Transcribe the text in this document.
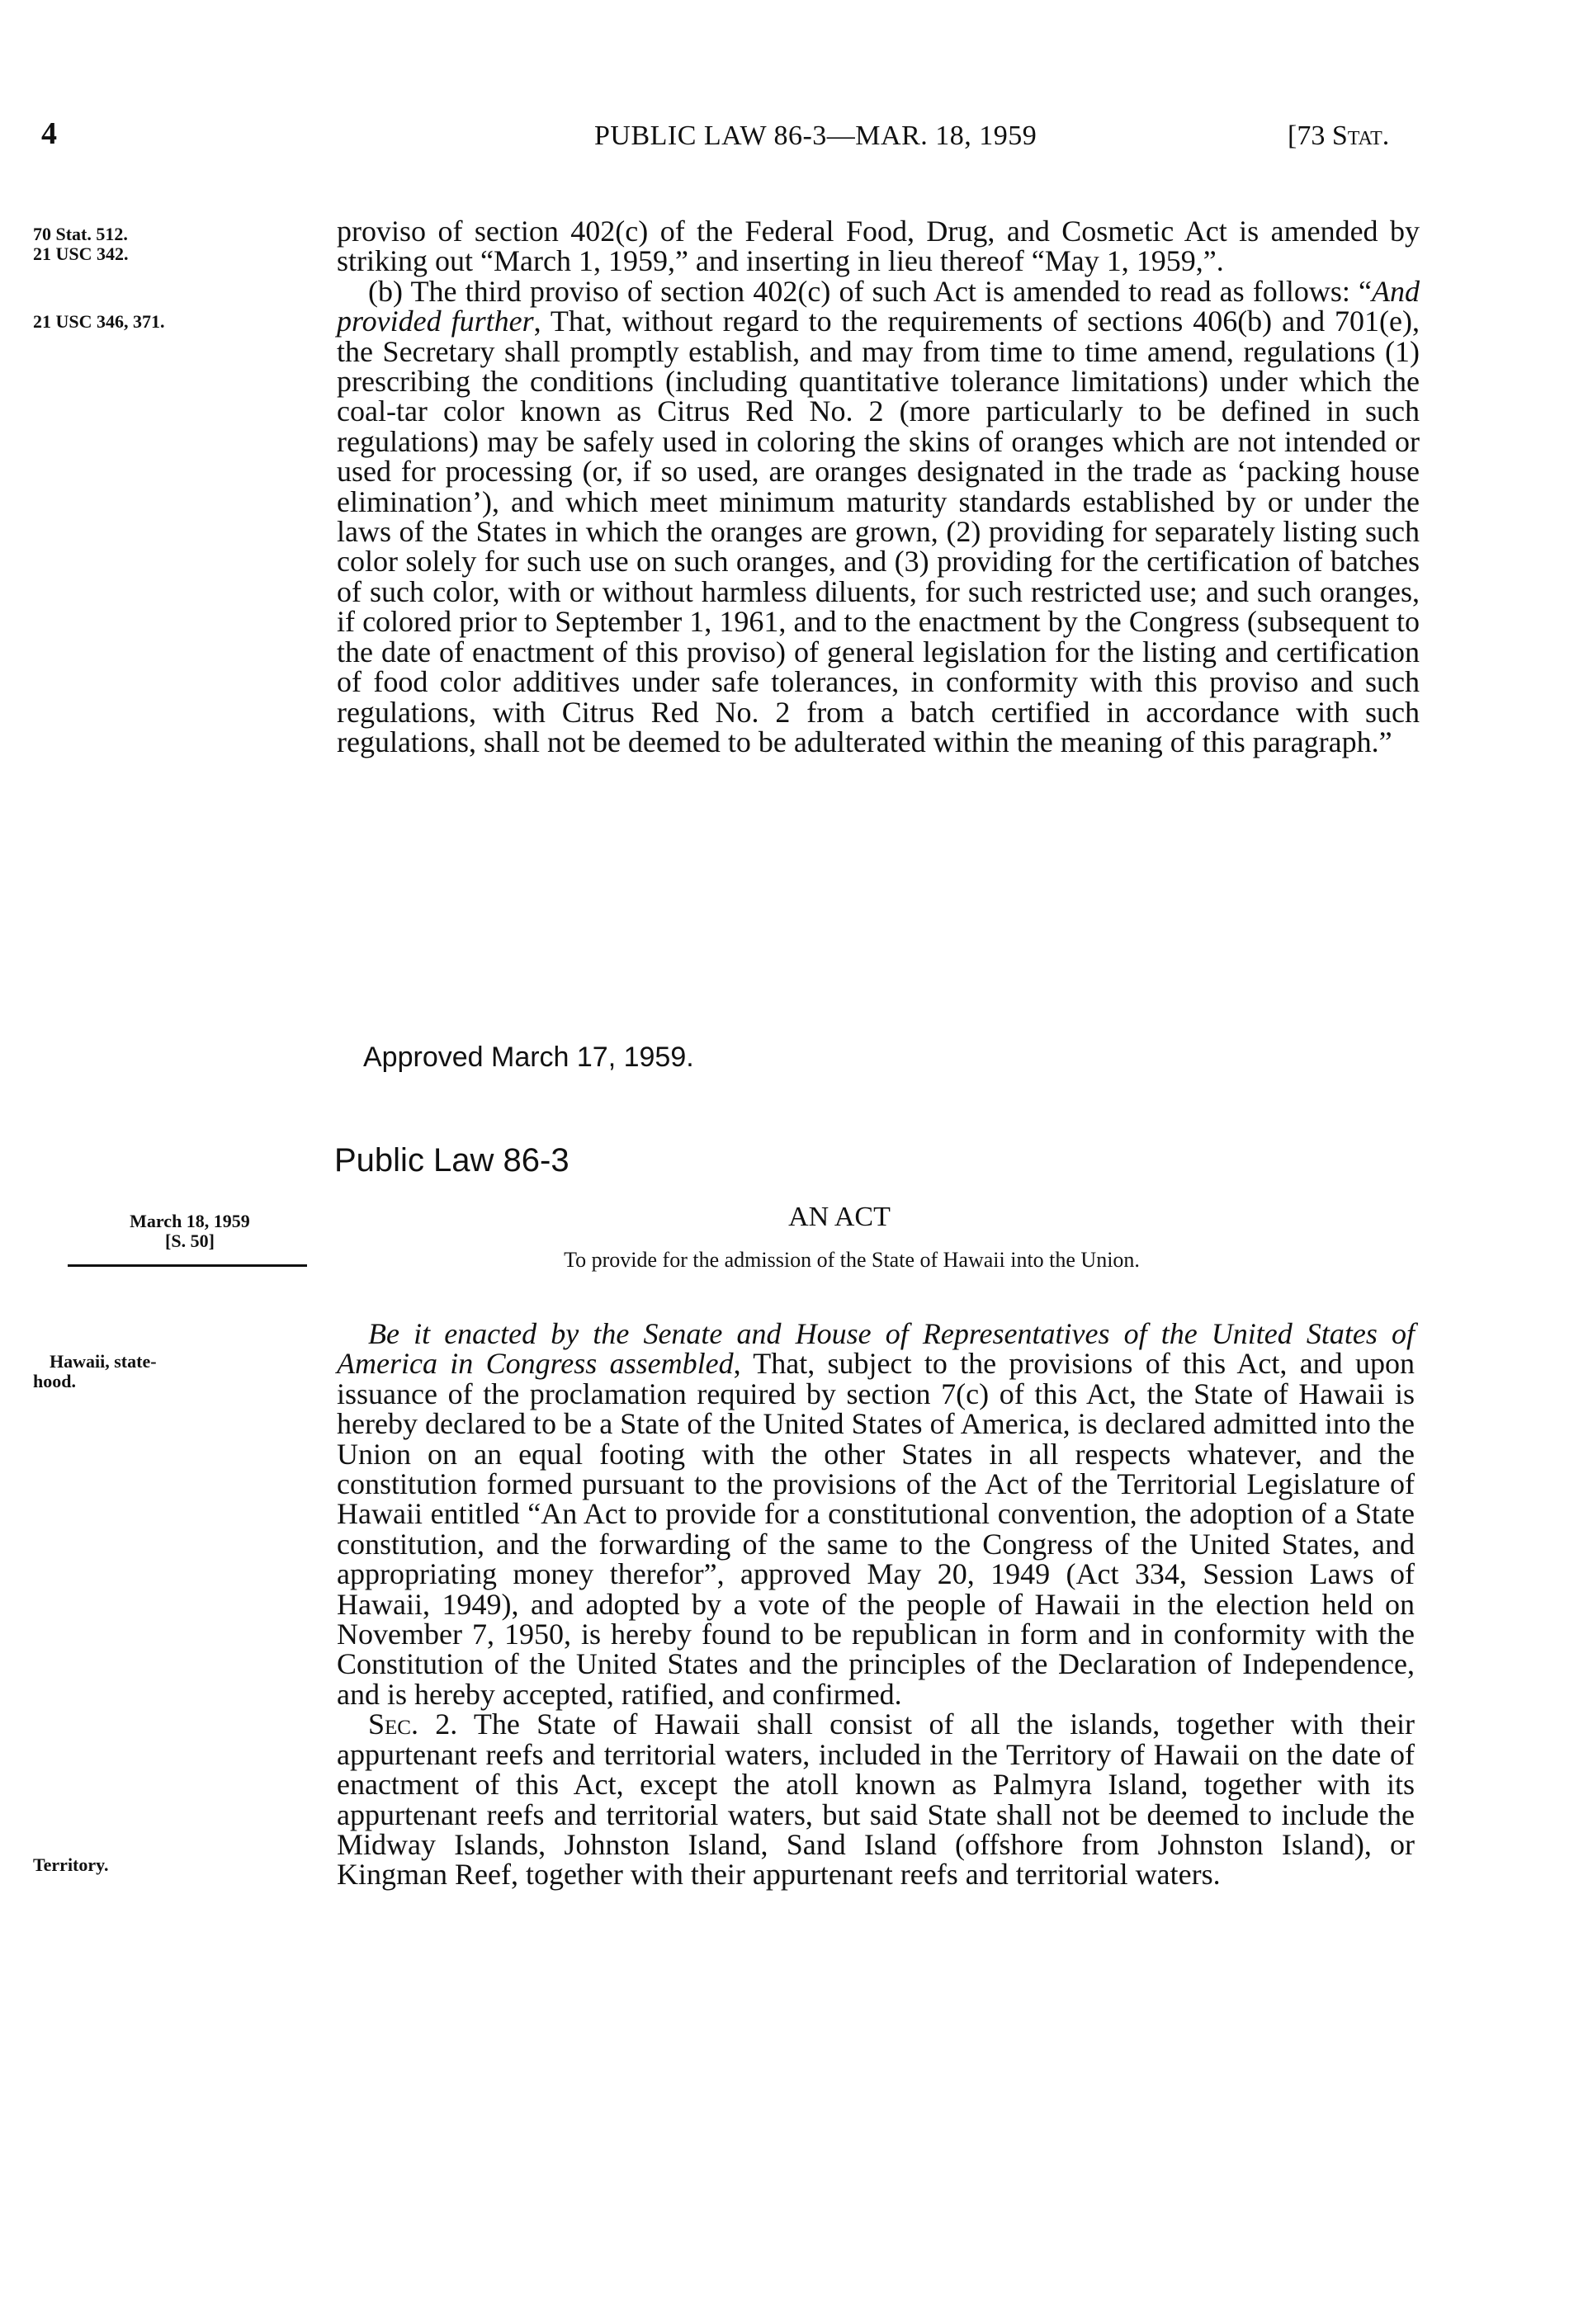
4	PUBLIC LAW 86-3—MAR. 18, 1959	[73 Stat.
70 Stat. 512.
21 USC 342.
21 USC 346, 371.

proviso of section 402(c) of the Federal Food, Drug, and Cosmetic Act is amended by striking out “March 1, 1959,” and inserting in lieu thereof “May 1, 1959,”.

(b) The third proviso of section 402(c) of such Act is amended to read as follows: “And provided further, That, without regard to the requirements of sections 406(b) and 701(e), the Secretary shall promptly establish, and may from time to time amend, regulations (1) prescribing the conditions (including quantitative tolerance limitations) under which the coal-tar color known as Citrus Red No. 2 (more particularly to be defined in such regulations) may be safely used in coloring the skins of oranges which are not intended or used for processing (or, if so used, are oranges designated in the trade as ‘packing house elimination’), and which meet minimum maturity standards established by or under the laws of the States in which the oranges are grown, (2) providing for separately listing such color solely for such use on such oranges, and (3) providing for the certification of batches of such color, with or without harmless diluents, for such restricted use; and such oranges, if colored prior to September 1, 1961, and to the enactment by the Congress (subsequent to the date of enactment of this proviso) of general legislation for the listing and certification of food color additives under safe tolerances, in conformity with this proviso and such regulations, with Citrus Red No. 2 from a batch certified in accordance with such regulations, shall not be deemed to be adulterated within the meaning of this paragraph.”

Approved March 17, 1959.
Public Law 86-3
March 18, 1959
[S. 50]
AN ACT
To provide for the admission of the State of Hawaii into the Union.
Hawaii, state-
hood.
Territory.

Be it enacted by the Senate and House of Representatives of the United States of America in Congress assembled, That, subject to the provisions of this Act, and upon issuance of the proclamation required by section 7(c) of this Act, the State of Hawaii is hereby declared to be a State of the United States of America, is declared admitted into the Union on an equal footing with the other States in all respects whatever, and the constitution formed pursuant to the provisions of the Act of the Territorial Legislature of Hawaii entitled “An Act to provide for a constitutional convention, the adoption of a State constitution, and the forwarding of the same to the Congress of the United States, and appropriating money therefor”, approved May 20, 1949 (Act 334, Session Laws of Hawaii, 1949), and adopted by a vote of the people of Hawaii in the election held on November 7, 1950, is hereby found to be republican in form and in conformity with the Constitution of the United States and the principles of the Declaration of Independence, and is hereby accepted, ratified, and confirmed.

Sec. 2. The State of Hawaii shall consist of all the islands, together with their appurtenant reefs and territorial waters, included in the Territory of Hawaii on the date of enactment of this Act, except the atoll known as Palmyra Island, together with its appurtenant reefs and territorial waters, but said State shall not be deemed to include the Midway Islands, Johnston Island, Sand Island (offshore from Johnston Island), or Kingman Reef, together with their appurtenant reefs and territorial waters.
